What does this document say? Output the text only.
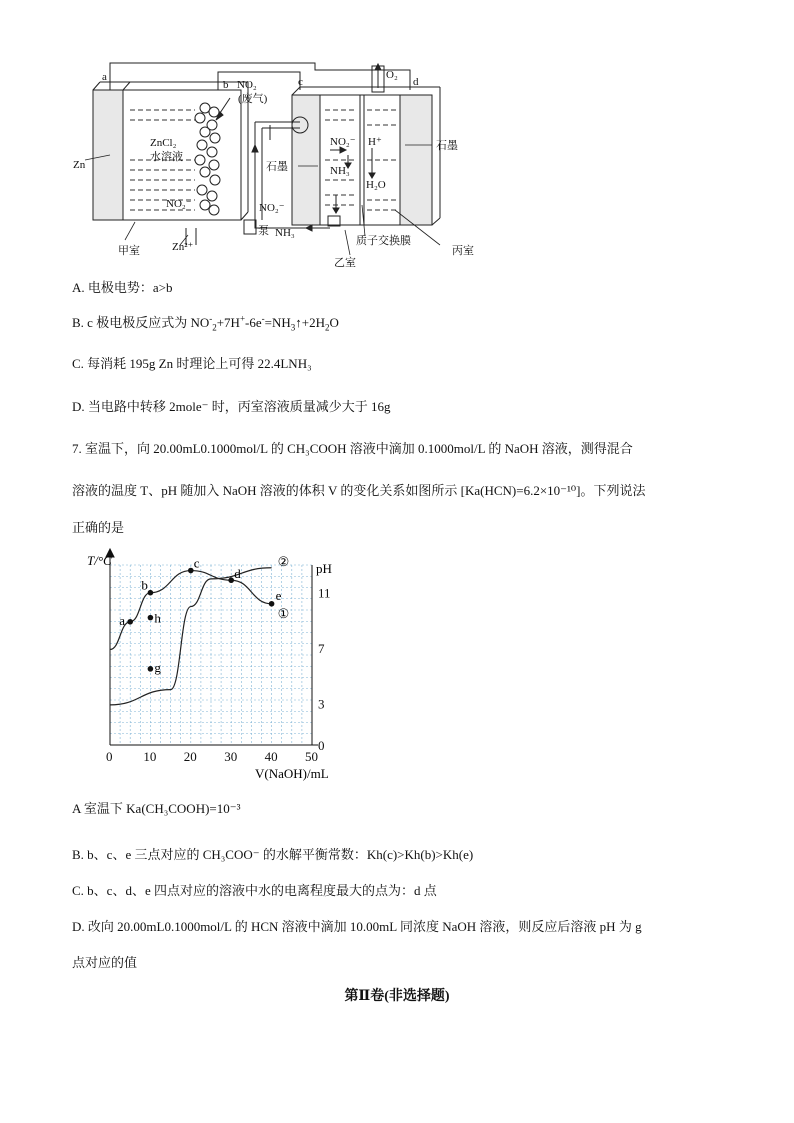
a
b	c	d
Zn
ZnCl₂
水溶液
NO₂
(废气)
NO₂⁻	NO₂⁻
NH₃
泵
Zn²⁺
甲室
乙室
丙室
石墨
石墨
质子交换膜
O₂
NO₂⁻ H⁺
NH₃
H₂O
A. 电极电势：a>b
B. c 极电极反应式为 $NO^-_2+7H^+-6e^-=NH_3↑+2H_2O$
C. 每消耗 195g Zn 时理论上可得 22.4LNH₃
D. 当电路中转移 2mole⁻ 时，丙室溶液质量减少大于 16g
7. 室温下，向 20.00mL0.1000mol/L 的 CH₃COOH 溶液中滴加 0.1000mol/L 的 NaOH 溶液，测得混合
溶液的温度 T、pH 随加入 NaOH 溶液的体积 V 的变化关系如图所示 [Ka(HCN)=6.2×10⁻¹⁰]。下列说法
正确的是
①
②
a
b
c
d
e
h
g
0 10 20 30 40 50
0
3
7
11
T/°C
pH
V(NaOH)/mL
A 室温下 Ka(CH₃COOH)=10⁻³
B. b、c、e 三点对应的 CH₃COO⁻ 的水解平衡常数：Kh(c)>Kh(b)>Kh(e)
C. b、c、d、e 四点对应的溶液中水的电离程度最大的点为：d 点
D. 改向 20.00mL0.1000mol/L 的 HCN 溶液中滴加 10.00mL 同浓度 NaOH 溶液，则反应后溶液 pH 为 g
点对应的值
第Ⅱ卷(非选择题)
